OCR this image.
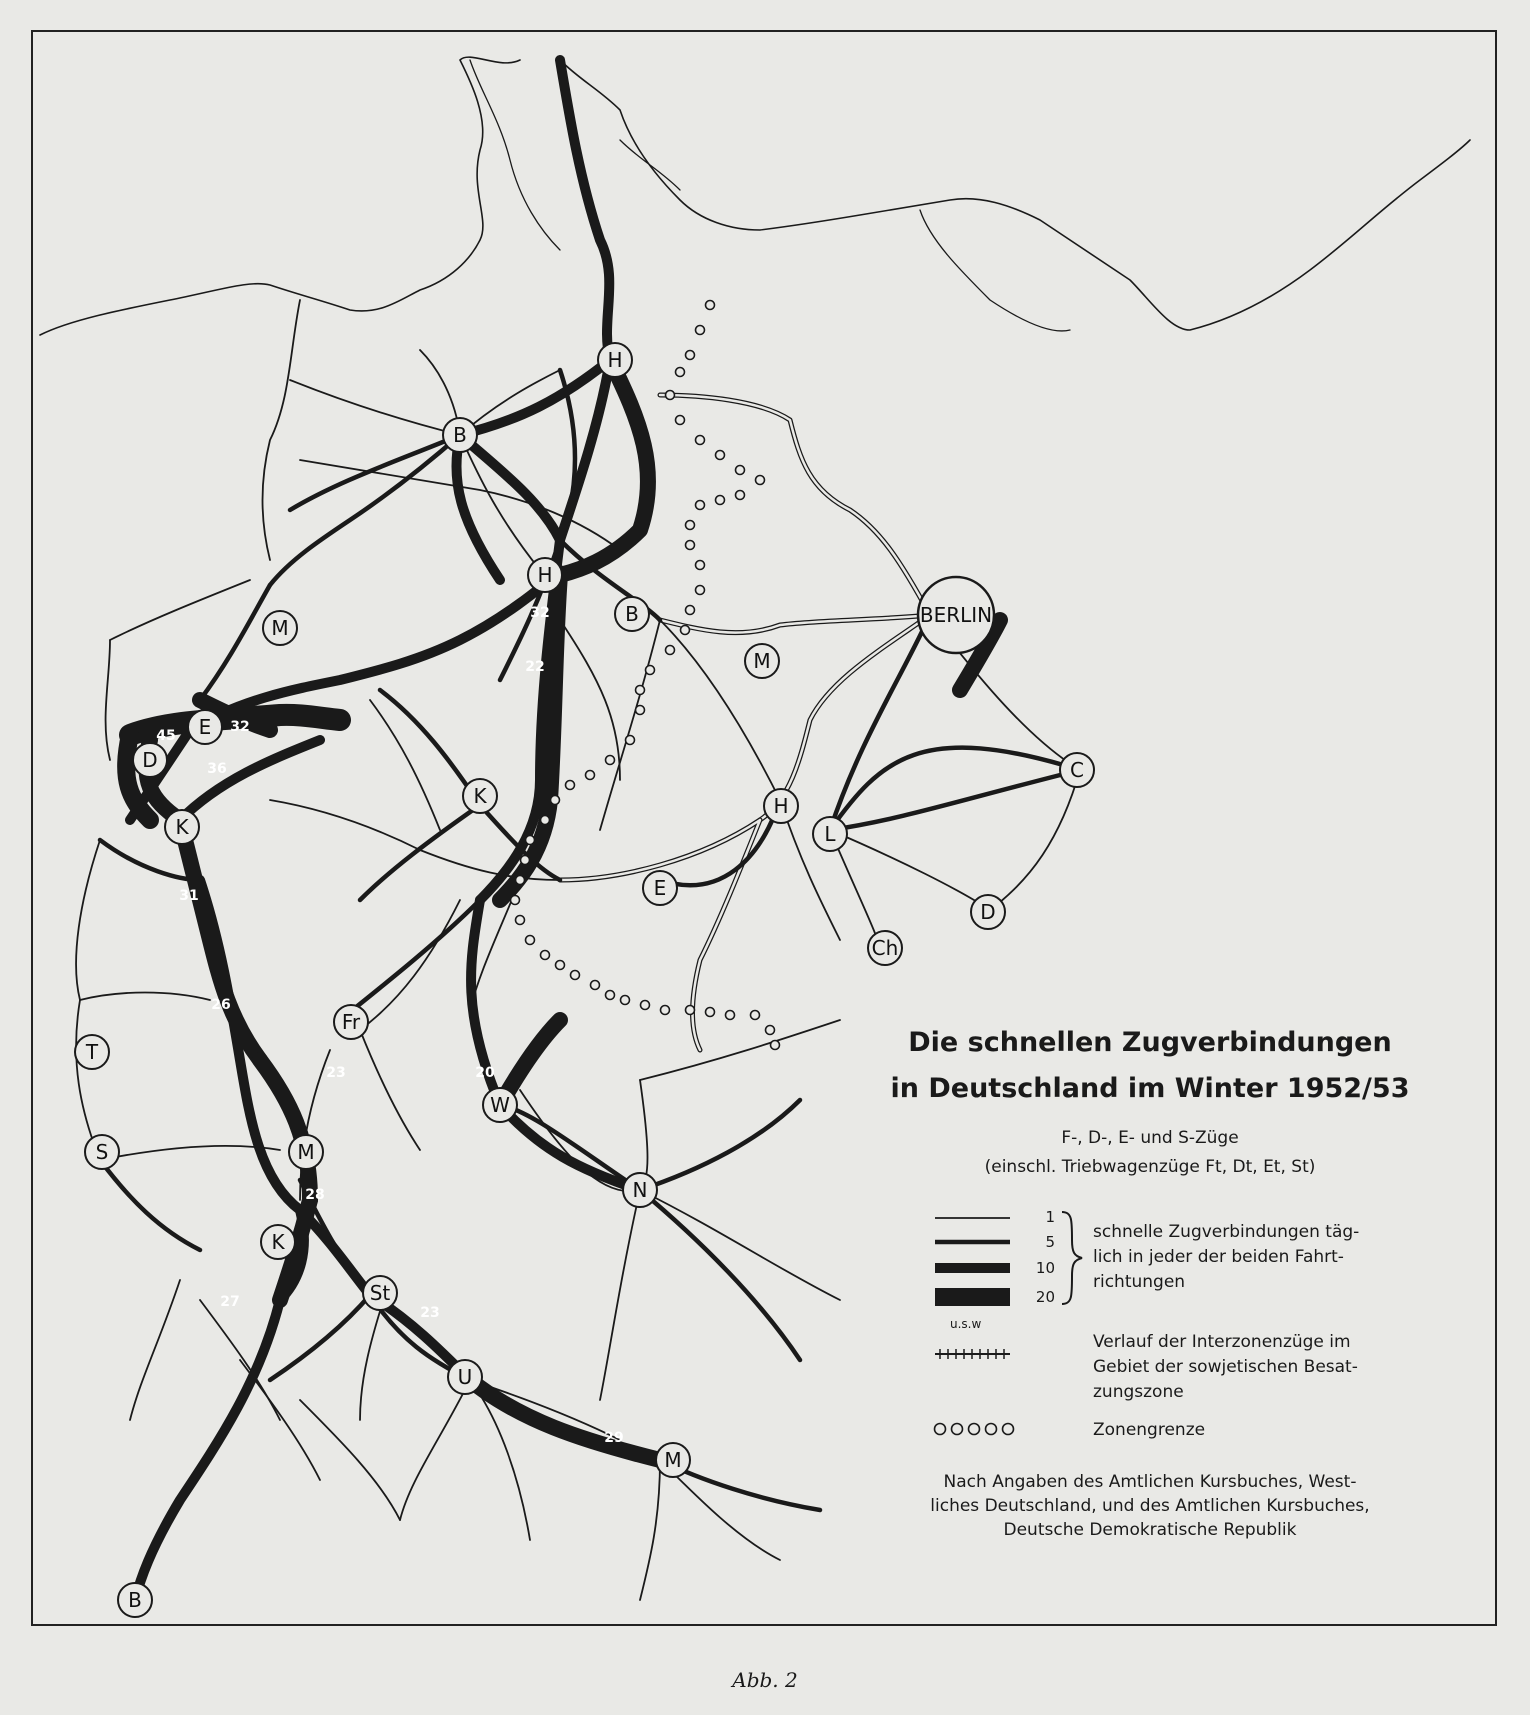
H
B
H
B
M
E
D
K
K
M
H
L
E
D
Ch
C
BERLIN
Fr
W
N
M
K
St
U
M
T
S
B
45
32
36
31
32
22
26
23	20
28
27
23
29
Die schnellen Zugverbindungen
in Deutschland im Winter 1952/53
F-, D-, E- und S-Züge
(einschl. Triebwagenzüge Ft, Dt, Et, St)
1
5
10
20
u.s.w
schnelle Zugverbindungen täg-
lich in jeder der beiden Fahrt-
richtungen
Verlauf der Interzonenzüge im
Gebiet der sowjetischen Besat-
zungszone
Zonengrenze
Nach Angaben des Amtlichen Kursbuches, West-
liches Deutschland, und des Amtlichen Kursbuches,
Deutsche Demokratische Republik
Abb. 2
